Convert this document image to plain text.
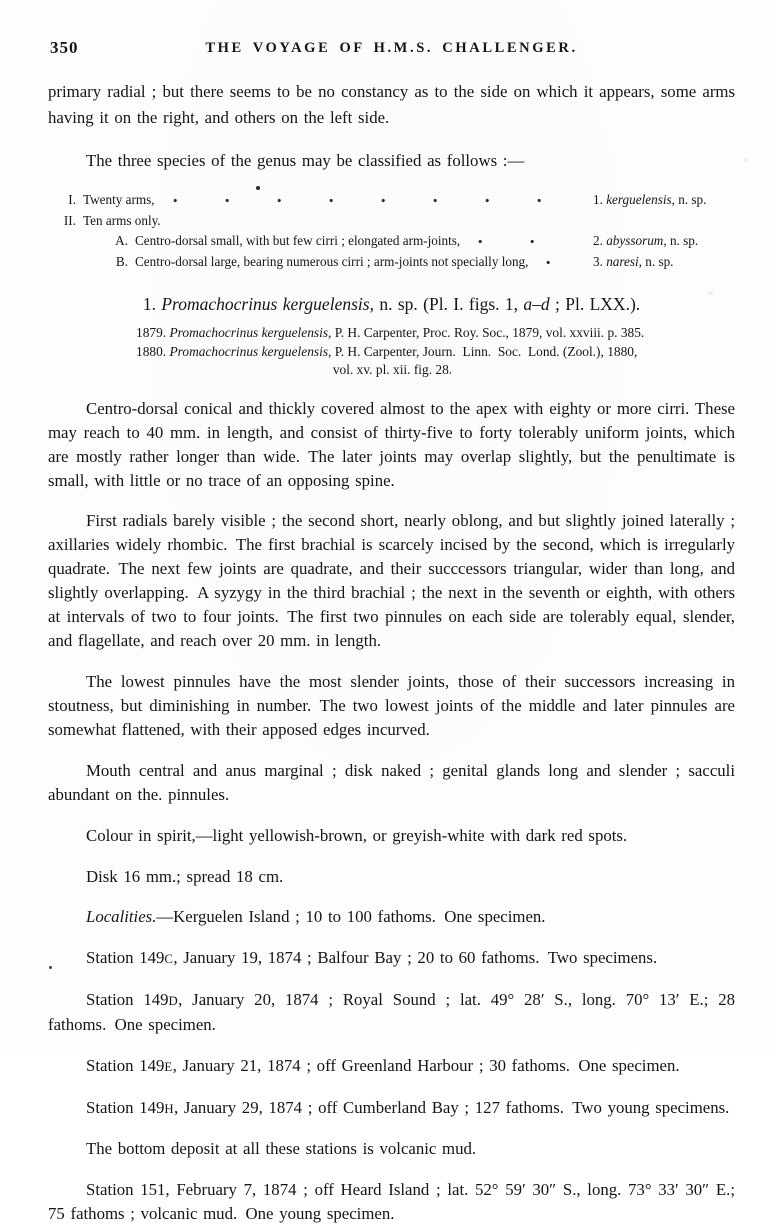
350	THE VOYAGE OF H.M.S. CHALLENGER.

primary radial ; but there seems to be no constancy as to the side on which it appears, some arms having it on the right, and others on the left side.

The three species of the genus may be classified as follows :—

I. Twenty arms,	1. kerguelensis, n. sp.
II. Ten arms only.
A. Centro-dorsal small, with but few cirri ; elongated arm-joints,	2. abyssorum, n. sp.
B. Centro-dorsal large, bearing numerous cirri ; arm-joints not specially long,	3. naresi, n. sp.
1. Promachocrinus kerguelensis, n. sp. (Pl. I. figs. 1, a–d ; Pl. LXX.).
1879. Promachocrinus kerguelensis, P. H. Carpenter, Proc. Roy. Soc., 1879, vol. xxviii. p. 385.
1880. Promachocrinus kerguelensis, P. H. Carpenter, Journ. Linn. Soc. Lond. (Zool.), 1880,
vol. xv. pl. xii. fig. 28.

Centro-dorsal conical and thickly covered almost to the apex with eighty or more cirri. These may reach to 40 mm. in length, and consist of thirty-five to forty tolerably uniform joints, which are mostly rather longer than wide. The later joints may overlap slightly, but the penultimate is small, with little or no trace of an opposing spine.

First radials barely visible ; the second short, nearly oblong, and but slightly joined laterally ; axillaries widely rhombic. The first brachial is scarcely incised by the second, which is irregularly quadrate. The next few joints are quadrate, and their succcessors triangular, wider than long, and slightly overlapping. A syzygy in the third brachial ; the next in the seventh or eighth, with others at intervals of two to four joints. The first two pinnules on each side are tolerably equal, slender, and flagellate, and reach over 20 mm. in length.

The lowest pinnules have the most slender joints, those of their successors increasing in stoutness, but diminishing in number. The two lowest joints of the middle and later pinnules are somewhat flattened, with their apposed edges incurved.

Mouth central and anus marginal ; disk naked ; genital glands long and slender ; sacculi abundant on the. pinnules.

Colour in spirit,—light yellowish-brown, or greyish-white with dark red spots.

Disk 16 mm.; spread 18 cm.

Localities.—Kerguelen Island ; 10 to 100 fathoms. One specimen.

Station 149C, January 19, 1874 ; Balfour Bay ; 20 to 60 fathoms. Two specimens.

Station 149D, January 20, 1874 ; Royal Sound ; lat. 49° 28′ S., long. 70° 13′ E.; 28 fathoms. One specimen.

Station 149E, January 21, 1874 ; off Greenland Harbour ; 30 fathoms. One specimen.

Station 149H, January 29, 1874 ; off Cumberland Bay ; 127 fathoms. Two young specimens.

The bottom deposit at all these stations is volcanic mud.

Station 151, February 7, 1874 ; off Heard Island ; lat. 52° 59′ 30″ S., long. 73° 33′ 30″ E.; 75 fathoms ; volcanic mud. One young specimen.
